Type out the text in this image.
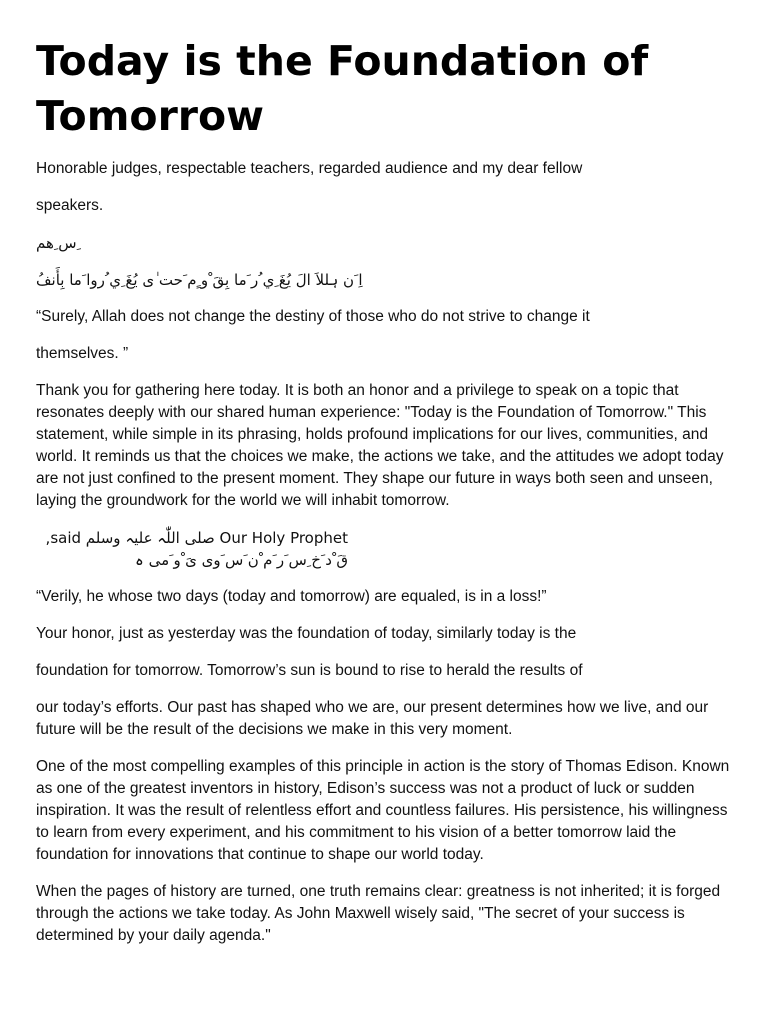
Today is the Foundation of Tomorrow

Honorable judges, respectable teachers, regarded audience and my dear fellow

speakers.

س ِهم ِ

اِ َن ہللاَ الَ یُغَ ِي ُر َما بِقَ ْو ٍم َحت ٰى یُغَ ِي ُروا َما بِأَنفُ

“Surely, Allah does not change the destiny of those who do not strive to change it

themselves. ”

Thank you for gathering here today. It is both an honor and a privilege to speak on a topic that resonates deeply with our shared human experience: "Today is the Foundation of Tomorrow." This statement, while simple in its phrasing, holds profound implications for our lives, communities, and world. It reminds us that the choices we make, the actions we take, and the attitudes we adopt today are not just confined to the present moment. They shape our future in ways both seen and unseen, laying the groundwork for the world we will inhabit tomorrow.

Our Holy Prophet صلی اللّٰہ علیہ وسلم said, قَ ْد َخ ِس َر َم ْن َس َوى یَ ْو َمی ہ

“Verily, he whose two days (today and tomorrow) are equaled, is in a loss!”

Your honor, just as yesterday was the foundation of today, similarly today is the

foundation for tomorrow. Tomorrow’s sun is bound to rise to herald the results of

our today’s efforts. Our past has shaped who we are, our present determines how we live, and our future will be the result of the decisions we make in this very moment.

One of the most compelling examples of this principle in action is the story of Thomas Edison. Known as one of the greatest inventors in history, Edison’s success was not a product of luck or sudden inspiration. It was the result of relentless effort and countless failures. His persistence, his willingness to learn from every experiment, and his commitment to his vision of a better tomorrow laid the foundation for innovations that continue to shape our world today.

When the pages of history are turned, one truth remains clear: greatness is not inherited; it is forged through the actions we take today. As John Maxwell wisely said, "The secret of your success is determined by your daily agenda."
